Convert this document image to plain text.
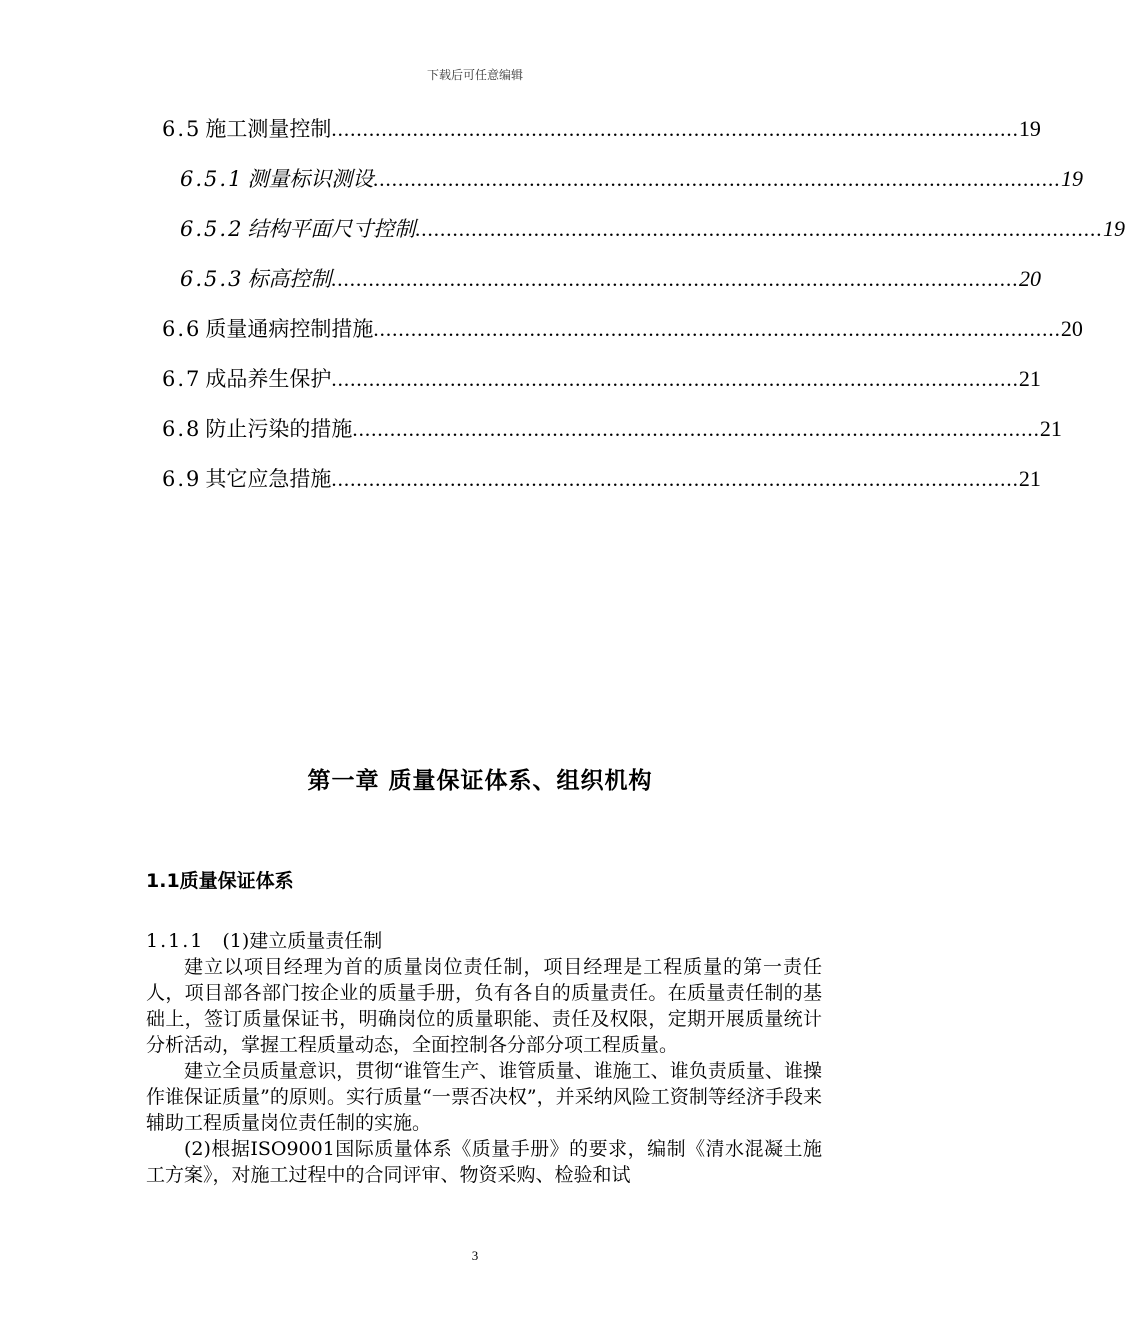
下载后可任意编辑
6.5 施工测量控制 .............................................................................................................. 19
6.5.1 测量标识测设 .............................................................................................................. 19
6.5.2 结构平面尺寸控制 .............................................................................................................. 19
6.5.3 标高控制 .............................................................................................................. 20
6.6 质量通病控制措施 .............................................................................................................. 20
6.7 成品养生保护 .............................................................................................................. 21
6.8 防止污染的措施 .............................................................................................................. 21
6.9 其它应急措施 .............................................................................................................. 21
第一章 质量保证体系、组织机构
1.1质量保证体系
1.1.1 (1)建立质量责任制

建立以项目经理为首的质量岗位责任制，项目经理是工程质量的第一责任人，项目部各部门按企业的质量手册，负有各自的质量责任。在质量责任制的基础上，签订质量保证书，明确岗位的质量职能、责任及权限，定期开展质量统计分析活动，掌握工程质量动态，全面控制各分部分项工程质量。

建立全员质量意识，贯彻“谁管生产、谁管质量、谁施工、谁负责质量、谁操作谁保证质量”的原则。实行质量“一票否决权”，并采纳风险工资制等经济手段来辅助工程质量岗位责任制的实施。

(2)根据ISO9001国际质量体系《质量手册》的要求，编制《清水混凝土施工方案》，对施工过程中的合同评审、物资采购、检验和试

3
